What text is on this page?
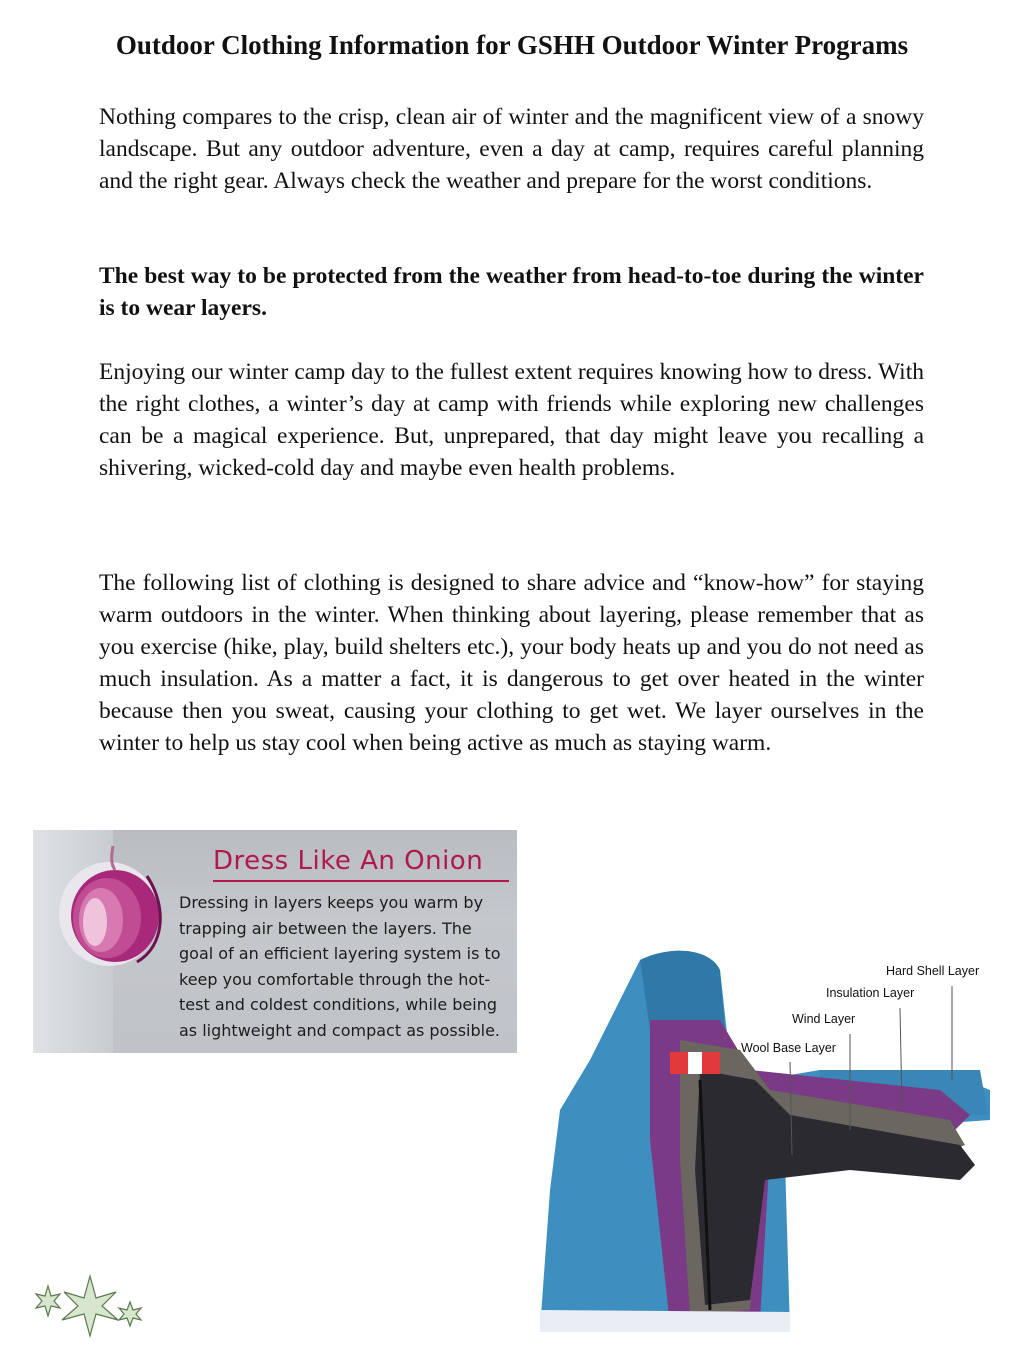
Outdoor Clothing Information for GSHH Outdoor Winter Programs

Nothing compares to the crisp, clean air of winter and the magnificent view of a snowy landscape. But any outdoor adventure, even a day at camp, requires careful planning and the right gear. Always check the weather and prepare for the worst conditions.

The best way to be protected from the weather from head-to-toe during the winter is to wear layers.

Enjoying our winter camp day to the fullest extent requires knowing how to dress. With the right clothes, a winter’s day at camp with friends while exploring new challenges can be a magical experience. But, unprepared, that day might leave you recalling a shivering, wicked-cold day and maybe even health problems.

The following list of clothing is designed to share advice and “know-how” for staying warm outdoors in the winter. When thinking about layering, please remember that as you exercise (hike, play, build shelters etc.), your body heats up and you do not need as much insulation. As a matter a fact, it is dangerous to get over heated in the winter because then you sweat, causing your clothing to get wet. We layer ourselves in the winter to help us stay cool when being active as much as staying warm.

Dress Like An Onion
Dressing in layers keeps you warm by
trapping air between the layers. The
goal of an efficient layering system is to
keep you comfortable through the hot-
test and coldest conditions, while being
as lightweight and compact as possible.
Hard Shell Layer
Insulation Layer
Wind Layer
Wool Base Layer
